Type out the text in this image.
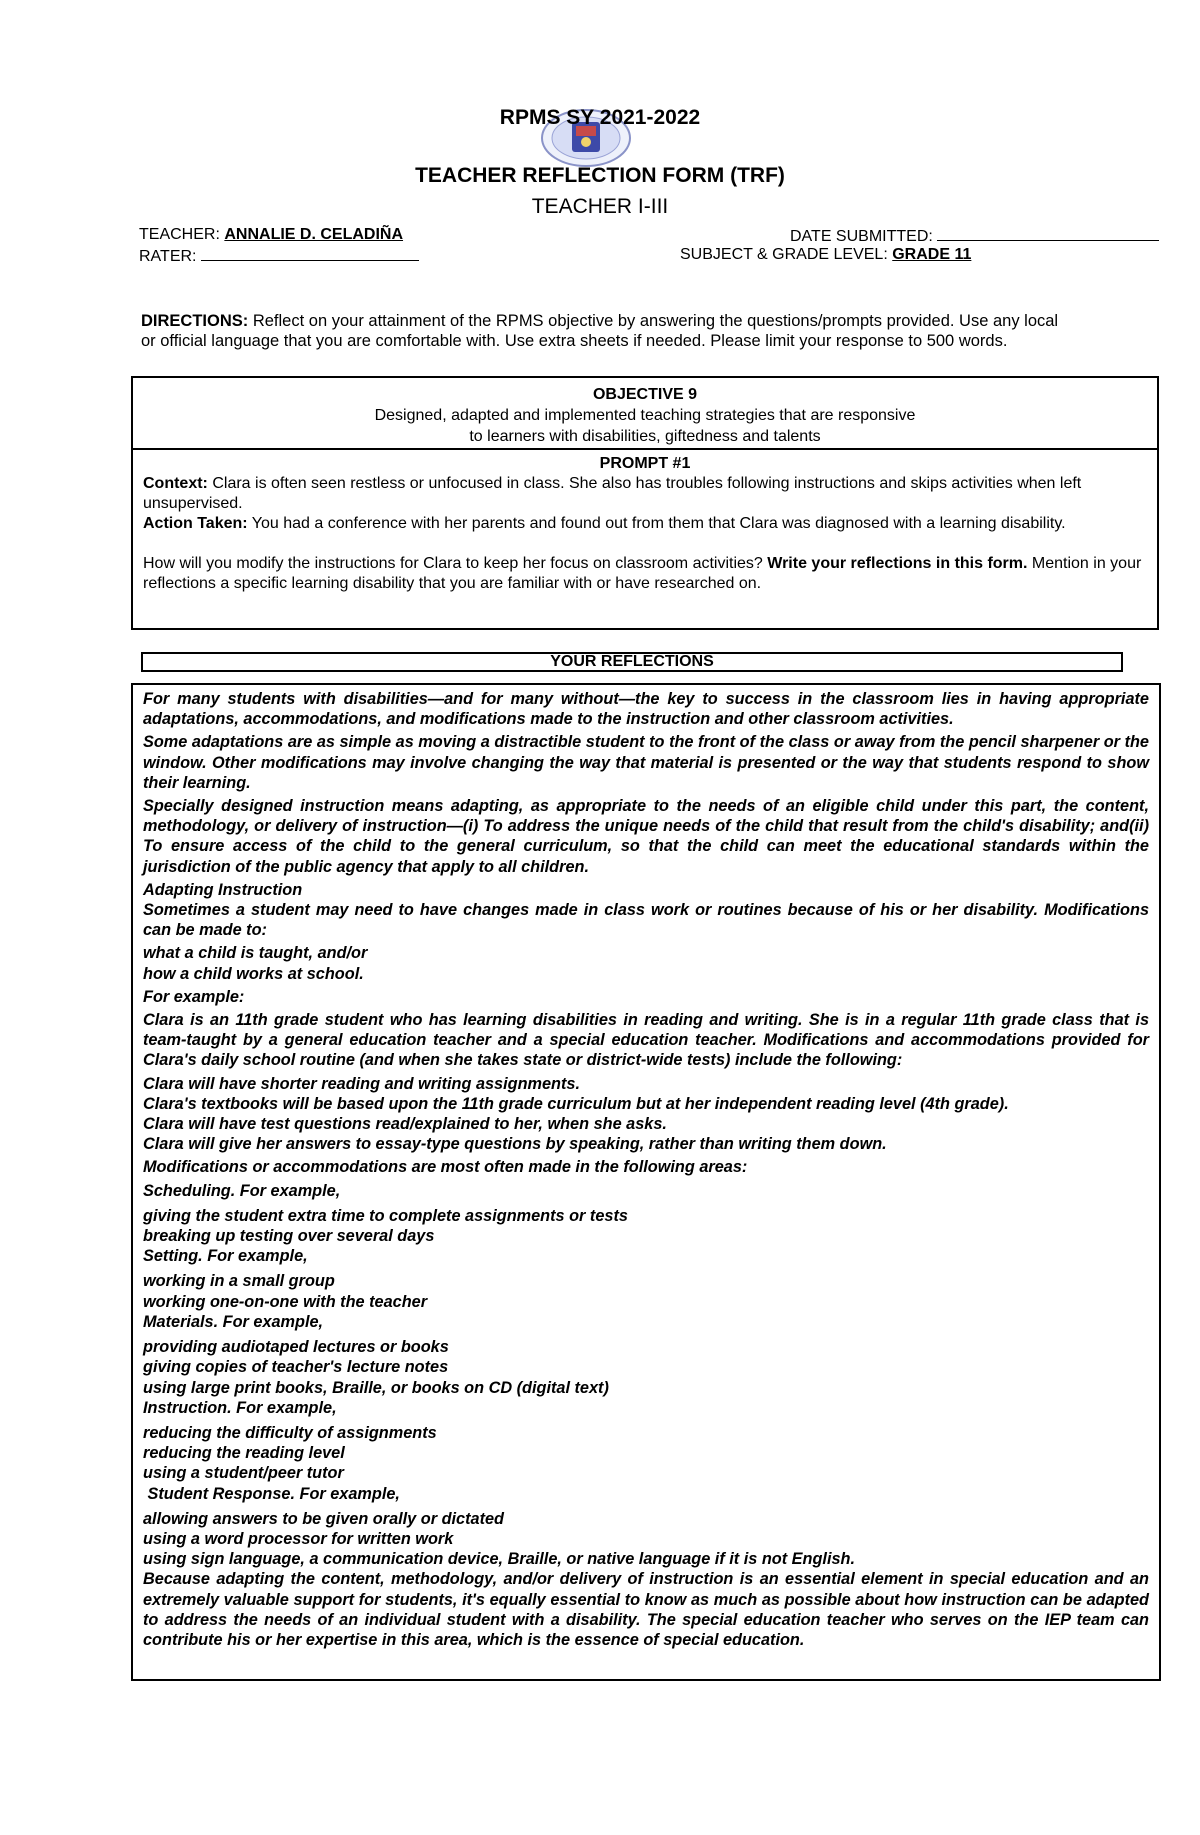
RPMS SY 2021-2022
TEACHER REFLECTION FORM (TRF)
TEACHER I-III
TEACHER: ANNALIE D. CELADIÑA	DATE SUBMITTED:
RATER:	SUBJECT & GRADE LEVEL: GRADE 11
DIRECTIONS: Reflect on your attainment of the RPMS objective by answering the questions/prompts provided. Use any local or official language that you are comfortable with. Use extra sheets if needed. Please limit your response to 500 words.
OBJECTIVE 9
Designed, adapted and implemented teaching strategies that are responsive
to learners with disabilities, giftedness and talents
PROMPT #1
Context: Clara is often seen restless or unfocused in class. She also has troubles following instructions and skips activities when left unsupervised.
Action Taken: You had a conference with her parents and found out from them that Clara was diagnosed with a learning disability.
How will you modify the instructions for Clara to keep her focus on classroom activities? Write your reflections in this form. Mention in your reflections a specific learning disability that you are familiar with or have researched on.
YOUR REFLECTIONS

For many students with disabilities—and for many without—the key to success in the classroom lies in having appropriate adaptations, accommodations, and modifications made to the instruction and other classroom activities.

Some adaptations are as simple as moving a distractible student to the front of the class or away from the pencil sharpener or the window. Other modifications may involve changing the way that material is presented or the way that students respond to show their learning.

Specially designed instruction means adapting, as appropriate to the needs of an eligible child under this part, the content, methodology, or delivery of instruction—(i) To address the unique needs of the child that result from the child's disability; and(ii) To ensure access of the child to the general curriculum, so that the child can meet the educational standards within the jurisdiction of the public agency that apply to all children.

Adapting Instruction
Sometimes a student may need to have changes made in class work or routines because of his or her disability. Modifications can be made to:

what a child is taught, and/or
how a child works at school.

For example:

Clara is an 11th grade student who has learning disabilities in reading and writing. She is in a regular 11th grade class that is team-taught by a general education teacher and a special education teacher. Modifications and accommodations provided for Clara's daily school routine (and when she takes state or district-wide tests) include the following:

Clara will have shorter reading and writing assignments.
Clara's textbooks will be based upon the 11th grade curriculum but at her independent reading level (4th grade).
Clara will have test questions read/explained to her, when she asks.
Clara will give her answers to essay-type questions by speaking, rather than writing them down.

Modifications or accommodations are most often made in the following areas:

Scheduling. For example,

giving the student extra time to complete assignments or tests
breaking up testing over several days
Setting. For example,

working in a small group
working one-on-one with the teacher
Materials. For example,

providing audiotaped lectures or books
giving copies of teacher's lecture notes
using large print books, Braille, or books on CD (digital text)
Instruction. For example,

reducing the difficulty of assignments
reducing the reading level
using a student/peer tutor
Student Response. For example,

allowing answers to be given orally or dictated
using a word processor for written work
using sign language, a communication device, Braille, or native language if it is not English.
Because adapting the content, methodology, and/or delivery of instruction is an essential element in special education and an extremely valuable support for students, it's equally essential to know as much as possible about how instruction can be adapted to address the needs of an individual student with a disability. The special education teacher who serves on the IEP team can contribute his or her expertise in this area, which is the essence of special education.
